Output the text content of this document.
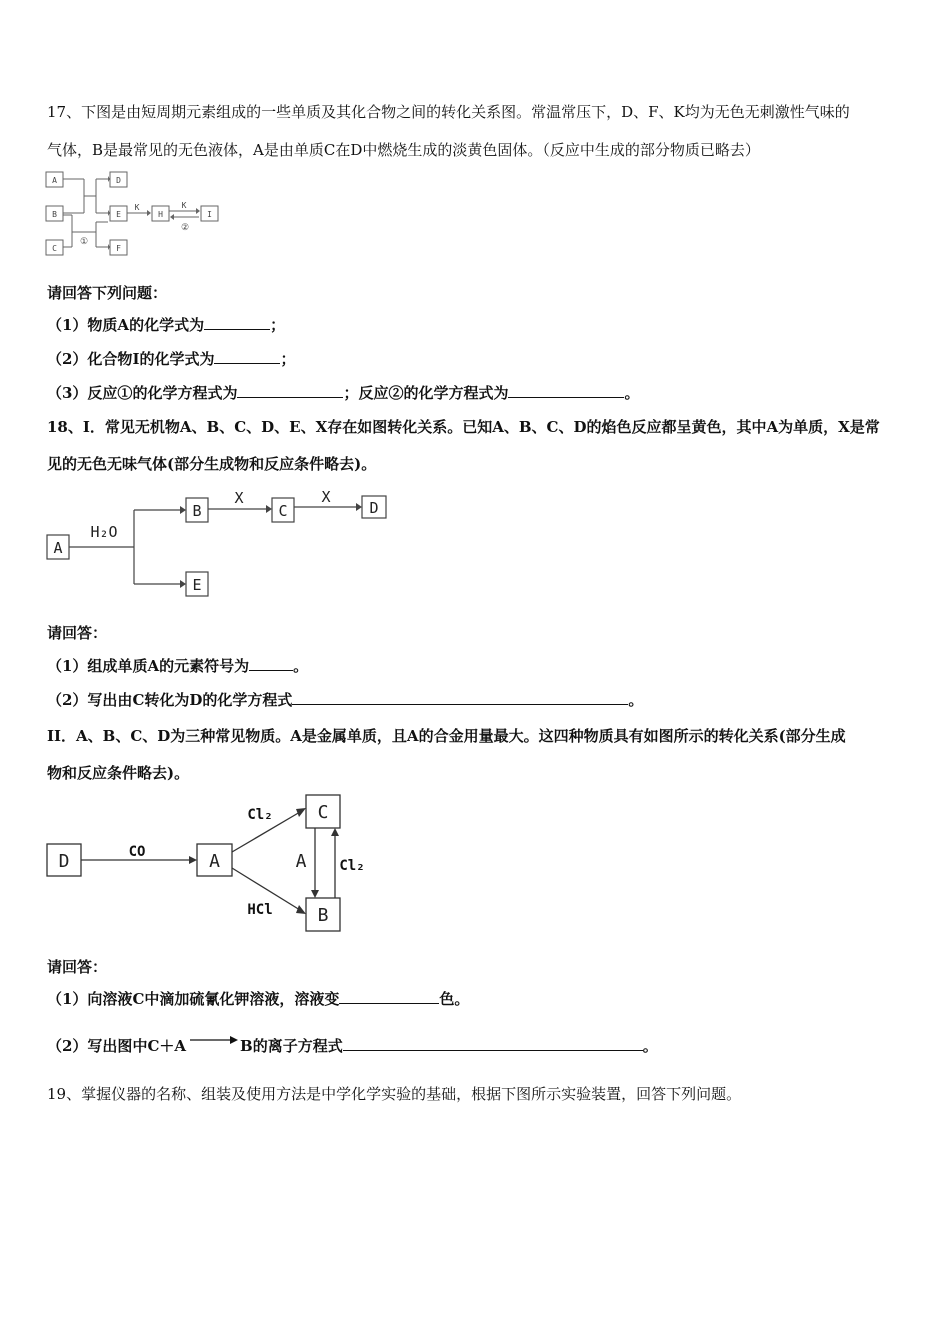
17、下图是由短周期元素组成的一些单质及其化合物之间的转化关系图。常温常压下，D、F、K均为无色无刺激性气味的
气体，B是最常见的无色液体，A是由单质C在D中燃烧生成的淡黄色固体。（反应中生成的部分物质已略去）
A
B
C
D
E
F
H	I
K	K
①
②
请回答下列问题：
（1）物质A的化学式为	；
（2）化合物Ⅰ的化学式为	；
（3）反应①的化学方程式为	；反应②的化学方程式为	。
18、I．常见无机物A、B、C、D、E、X存在如图转化关系。已知A、B、C、D的焰色反应都呈黄色，其中A为单质，X是常
见的无色无味气体(部分生成物和反应条件略去)。
A
B	C	D
E
H₂O
X	X
请回答：
（1）组成单质A的元素符号为	。
（2）写出由C转化为D的化学方程式	。
II．A、B、C、D为三种常见物质。A是金属单质，且A的合金用量最大。这四种物质具有如图所示的转化关系(部分生成
物和反应条件略去)。
D	A
C
B
A
CO
Cl₂
HCl
Cl₂
请回答：
（1）向溶液C中滴加硫氰化钾溶液，溶液变	色。
（2）写出图中C＋A→B的离子方程式	。
19、掌握仪器的名称、组装及使用方法是中学化学实验的基础，根据下图所示实验装置，回答下列问题。
